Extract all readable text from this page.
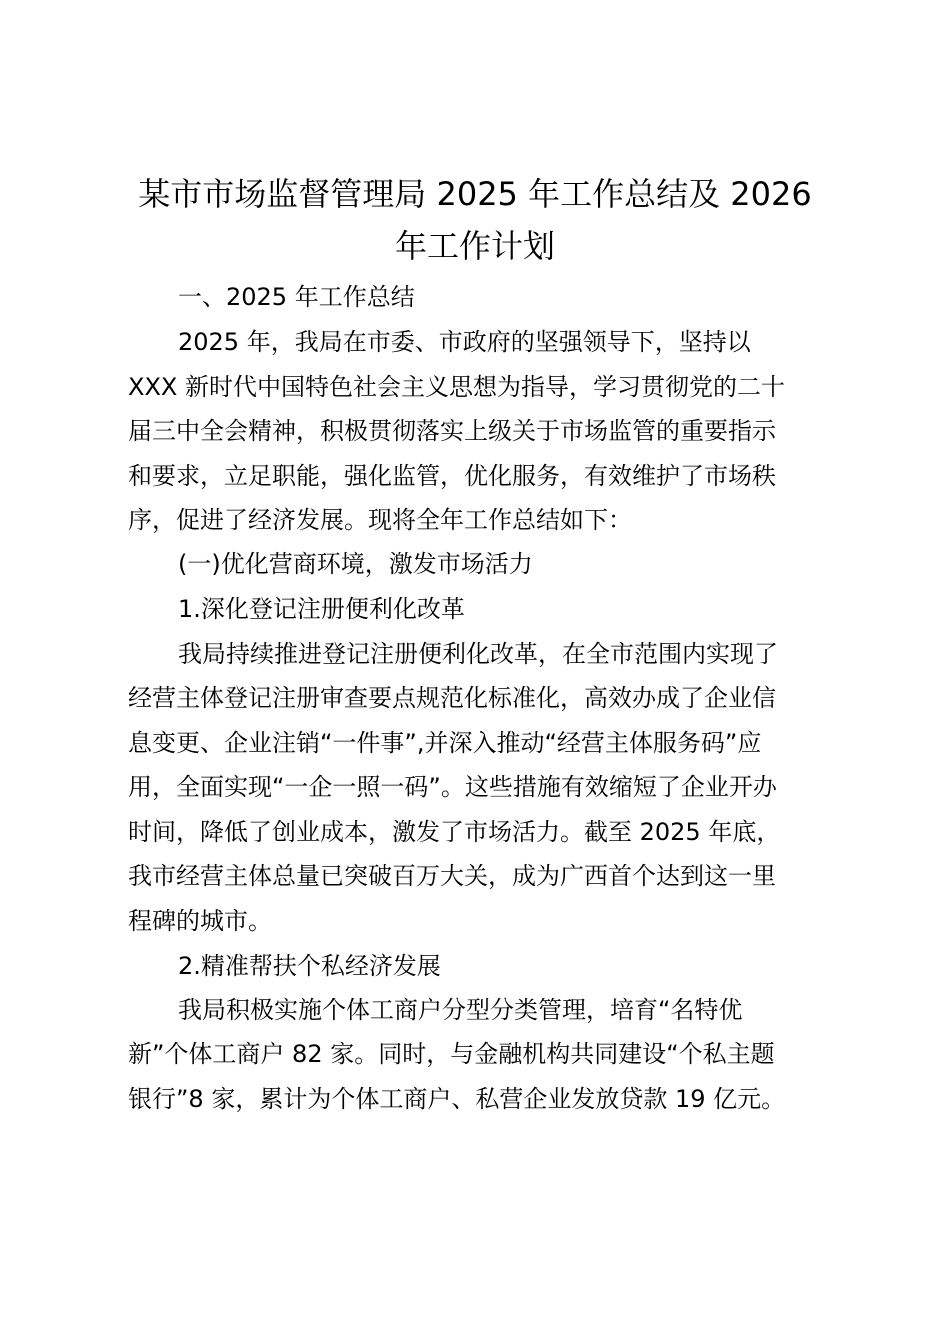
某市市场监督管理局 2025 年工作总结及 2026
年工作计划
一、2025 年工作总结
2025 年，我局在市委、市政府的坚强领导下，坚持以
XXX 新时代中国特色社会主义思想为指导，学习贯彻党的二十
届三中全会精神，积极贯彻落实上级关于市场监管的重要指示
和要求，立足职能，强化监管，优化服务，有效维护了市场秩
序，促进了经济发展。现将全年工作总结如下：
(一)优化营商环境，激发市场活力
1.深化登记注册便利化改革
我局持续推进登记注册便利化改革，在全市范围内实现了
经营主体登记注册审查要点规范化标准化，高效办成了企业信
息变更、企业注销“一件事”,并深入推动“经营主体服务码”应
用，全面实现“一企一照一码”。这些措施有效缩短了企业开办
时间，降低了创业成本，激发了市场活力。截至 2025 年底，
我市经营主体总量已突破百万大关，成为广西首个达到这一里
程碑的城市。
2.精准帮扶个私经济发展
我局积极实施个体工商户分型分类管理，培育“名特优
新”个体工商户 82 家。同时，与金融机构共同建设“个私主题
银行”8 家，累计为个体工商户、私营企业发放贷款 19 亿元。
